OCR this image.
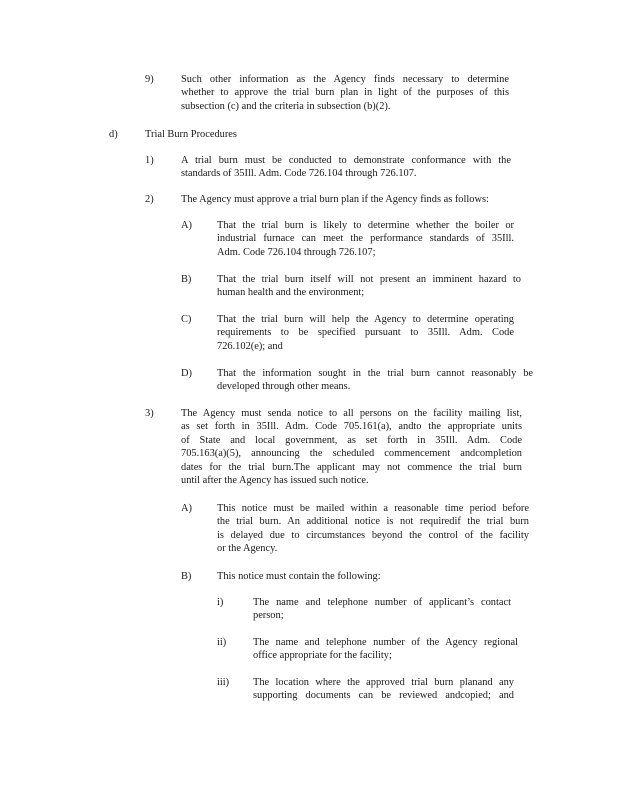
9)	Such other information as the Agency finds necessary to determine
whether to approve the trial burn plan in light of the purposes of this
subsection (c) and the criteria in subsection (b)(2).
d)	Trial Burn Procedures
1)	A trial burn must be conducted to demonstrate conformance with the
standards of 35Ill. Adm. Code 726.104 through 726.107.
2)	The Agency must approve a trial burn plan if the Agency finds as follows:
A) That the trial burn is likely to determine whether the boiler or
industrial furnace can meet the performance standards of 35Ill.
Adm. Code 726.104 through 726.107;
B) That the trial burn itself will not present an imminent hazard to
human health and the environment;
C) That the trial burn will help the Agency to determine operating
requirements to be specified pursuant to 35Ill. Adm. Code
726.102(e); and
D) That the information sought in the trial burn cannot reasonably be
developed through other means.
3)	The Agency must senda notice to all persons on the facility mailing list,
as set forth in 35Ill. Adm. Code 705.161(a), andto the appropriate units
of State and local government, as set forth in 35Ill. Adm. Code
705.163(a)(5), announcing the scheduled commencement andcompletion
dates for the trial burn.The applicant may not commence the trial burn
until after the Agency has issued such notice.
A) This notice must be mailed within a reasonable time period before
the trial burn. An additional notice is not requiredif the trial burn
is delayed due to circumstances beyond the control of the facility
or the Agency.
B) This notice must contain the following:
i)	The name and telephone number of applicant’s contact
person;
ii)	The name and telephone number of the Agency regional
office appropriate for the facility;
iii) The location where the approved trial burn planand any
supporting documents can be reviewed andcopied; and
